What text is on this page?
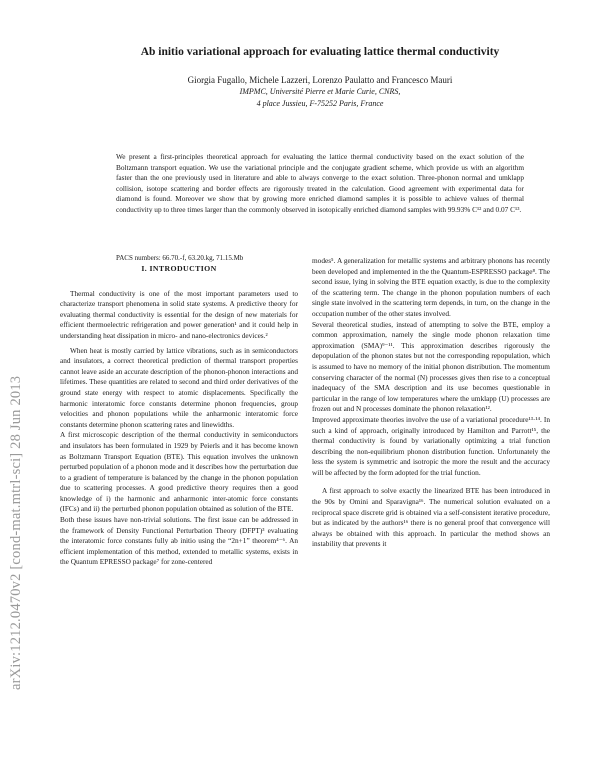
arXiv:1212.0470v2 [cond-mat.mtrl-sci] 28 Jun 2013
Ab initio variational approach for evaluating lattice thermal conductivity
Giorgia Fugallo, Michele Lazzeri, Lorenzo Paulatto and Francesco Mauri
IMPMC, Université Pierre et Marie Curie, CNRS,
4 place Jussieu, F-75252 Paris, France
We present a first-principles theoretical approach for evaluating the lattice thermal conductivity based on the exact solution of the Boltzmann transport equation. We use the variational principle and the conjugate gradient scheme, which provide us with an algorithm faster than the one previously used in literature and able to always converge to the exact solution. Three-phonon normal and umklapp collision, isotope scattering and border effects are rigorously treated in the calculation. Good agreement with experimental data for diamond is found. Moreover we show that by growing more enriched diamond samples it is possible to achieve values of thermal conductivity up to three times larger than the commonly observed in isotopically enriched diamond samples with 99.93% C¹² and 0.07 C¹³.
PACS numbers: 66.70.-f, 63.20.kg, 71.15.Mb
I. INTRODUCTION

Thermal conductivity is one of the most important parameters used to characterize transport phenomena in solid state systems. A predictive theory for evaluating thermal conductivity is essential for the design of new materials for efficient thermoelectric refrigeration and power generation¹ and it could help in understanding heat dissipation in micro- and nano-electronics devices.²

When heat is mostly carried by lattice vibrations, such as in semiconductors and insulators, a correct theoretical prediction of thermal transport properties cannot leave aside an accurate description of the phonon-phonon interactions and lifetimes. These quantities are related to second and third order derivatives of the ground state energy with respect to atomic displacements. Specifically the harmonic interatomic force constants determine phonon frequencies, group velocities and phonon populations while the anharmonic interatomic force constants determine phonon scattering rates and linewidths.

A first microscopic description of the thermal conductivity in semiconductors and insulators has been formulated in 1929 by Peierls and it has become known as Boltzmann Transport Equation (BTE). This equation involves the unknown perturbed population of a phonon mode and it describes how the perturbation due to a gradient of temperature is balanced by the change in the phonon population due to scattering processes. A good predictive theory requires then a good knowledge of i) the harmonic and anharmonic inter-atomic force constants (IFCs) and ii) the perturbed phonon population obtained as solution of the BTE.

Both these issues have non-trivial solutions. The first issue can be addressed in the framework of Density Functional Perturbation Theory (DFPT)³ evaluating the interatomic force constants fully ab initio using the “2n+1” theorem⁴⁻⁶. An efficient implementation of this method, extended to metallic systems, exists in the Quantum EPRESSO package⁷ for zone-centered

modes⁵. A generalization for metallic systems and arbitrary phonons has recently been developed and implemented in the the Quantum-ESPRESSO package⁸. The second issue, lying in solving the BTE equation exactly, is due to the complexity of the scattering term. The change in the phonon population numbers of each single state involved in the scattering term depends, in turn, on the change in the occupation number of the other states involved.

Several theoretical studies, instead of attempting to solve the BTE, employ a common approximation, namely the single mode phonon relaxation time approximation (SMA)⁹⁻¹¹. This approximation describes rigorously the depopulation of the phonon states but not the corresponding repopulation, which is assumed to have no memory of the initial phonon distribution. The momentum conserving character of the normal (N) processes gives then rise to a conceptual inadequacy of the SMA description and its use becomes questionable in particular in the range of low temperatures where the umklapp (U) processes are frozen out and N processes dominate the phonon relaxation¹².

Improved approximate theories involve the use of a variational procedure¹³·¹⁴. In such a kind of approach, originally introduced by Hamilton and Parrott¹⁵, the thermal conductivity is found by variationally optimizing a trial function describing the non-equilibrium phonon distribution function. Unfortunately the less the system is symmetric and isotropic the more the result and the accuracy will be affected by the form adopted for the trial function.

A first approach to solve exactly the linearized BTE has been introduced in the 90s by Omini and Sparavigna¹⁶. The numerical solution evaluated on a reciprocal space discrete grid is obtained via a self-consistent iterative procedure, but as indicated by the authors¹⁶ there is no general proof that convergence will always be obtained with this approach. In particular the method shows an instability that prevents it
